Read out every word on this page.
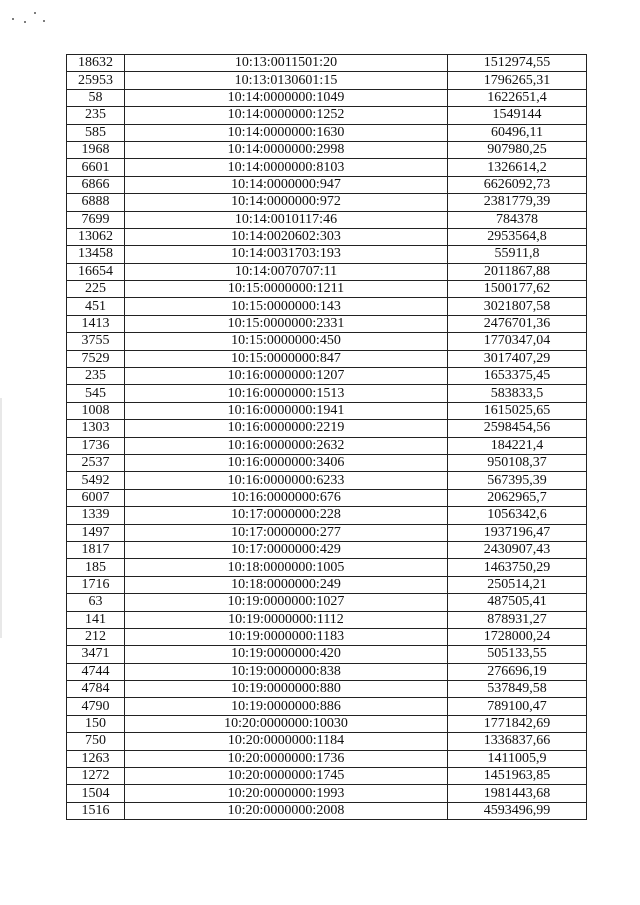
18632	10:13:0011501:20	1512974,55
25953	10:13:0130601:15	1796265,31
58	10:14:0000000:1049	1622651,4
235	10:14:0000000:1252	1549144
585	10:14:0000000:1630	60496,11
1968	10:14:0000000:2998	907980,25
6601	10:14:0000000:8103	1326614,2
6866	10:14:0000000:947	6626092,73
6888	10:14:0000000:972	2381779,39
7699	10:14:0010117:46	784378
13062	10:14:0020602:303	2953564,8
13458	10:14:0031703:193	55911,8
16654	10:14:0070707:11	2011867,88
225	10:15:0000000:1211	1500177,62
451	10:15:0000000:143	3021807,58
1413	10:15:0000000:2331	2476701,36
3755	10:15:0000000:450	1770347,04
7529	10:15:0000000:847	3017407,29
235	10:16:0000000:1207	1653375,45
545	10:16:0000000:1513	583833,5
1008	10:16:0000000:1941	1615025,65
1303	10:16:0000000:2219	2598454,56
1736	10:16:0000000:2632	184221,4
2537	10:16:0000000:3406	950108,37
5492	10:16:0000000:6233	567395,39
6007	10:16:0000000:676	2062965,7
1339	10:17:0000000:228	1056342,6
1497	10:17:0000000:277	1937196,47
1817	10:17:0000000:429	2430907,43
185	10:18:0000000:1005	1463750,29
1716	10:18:0000000:249	250514,21
63	10:19:0000000:1027	487505,41
141	10:19:0000000:1112	878931,27
212	10:19:0000000:1183	1728000,24
3471	10:19:0000000:420	505133,55
4744	10:19:0000000:838	276696,19
4784	10:19:0000000:880	537849,58
4790	10:19:0000000:886	789100,47
150	10:20:0000000:10030	1771842,69
750	10:20:0000000:1184	1336837,66
1263	10:20:0000000:1736	1411005,9
1272	10:20:0000000:1745	1451963,85
1504	10:20:0000000:1993	1981443,68
1516	10:20:0000000:2008	4593496,99
